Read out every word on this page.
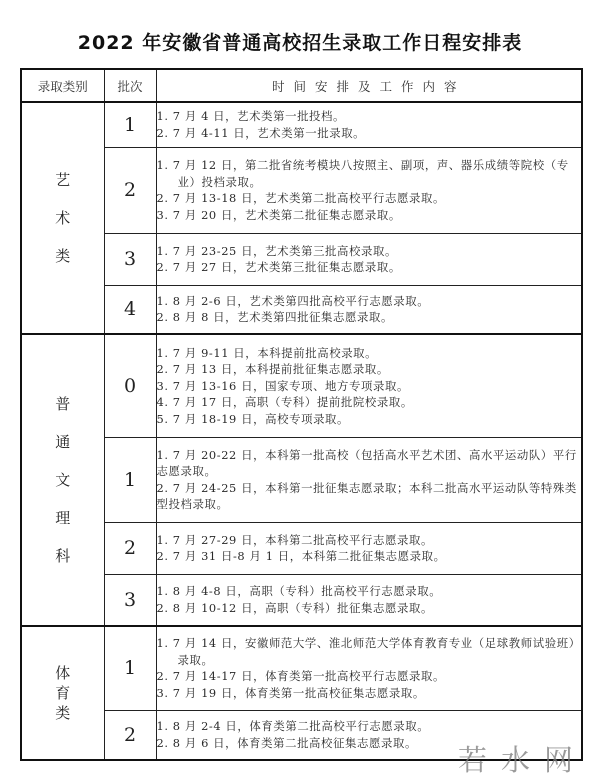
2022 年安徽省普通高校招生录取工作日程安排表
录取类别	批次	时间安排及工作内容

艺
术
类	1	1. 7 月 4 日，艺术类第一批投档。
2. 7 月 4-11 日，艺术类第一批录取。

	2	1. 7 月 12 日，第二批省统考模块八按照主、副项，声、器乐成绩等院校（专业）投档录取。
2. 7 月 13-18 日，艺术类第二批高校平行志愿录取。
3. 7 月 20 日，艺术类第二批征集志愿录取。

	3	1. 7 月 23-25 日，艺术类第三批高校录取。
2. 7 月 27 日，艺术类第三批征集志愿录取。

	4	1. 8 月 2-6 日，艺术类第四批高校平行志愿录取。
2. 8 月 8 日，艺术类第四批征集志愿录取。

普
通
文
理
科	0	1. 7 月 9-11 日，本科提前批高校录取。
2. 7 月 13 日，本科提前批征集志愿录取。
3. 7 月 13-16 日，国家专项、地方专项录取。
4. 7 月 17 日，高职（专科）提前批院校录取。
5. 7 月 18-19 日，高校专项录取。

	1	1. 7 月 20-22 日，本科第一批高校（包括高水平艺术团、高水平运动队）平行志愿录取。
2. 7 月 24-25 日，本科第一批征集志愿录取；本科二批高水平运动队等特殊类型投档录取。

	2	1. 7 月 27-29 日，本科第二批高校平行志愿录取。
2. 7 月 31 日-8 月 1 日，本科第二批征集志愿录取。

	3	1. 8 月 4-8 日，高职（专科）批高校平行志愿录取。
2. 8 月 10-12 日，高职（专科）批征集志愿录取。

体
育
类	1	1. 7 月 14 日，安徽师范大学、淮北师范大学体育教育专业（足球教师试验班）录取。
2. 7 月 14-17 日，体育类第一批高校平行志愿录取。
3. 7 月 19 日，体育类第一批高校征集志愿录取。

	2	1. 8 月 2-4 日，体育类第二批高校平行志愿录取。
2. 8 月 6 日，体育类第二批高校征集志愿录取。
若水网
